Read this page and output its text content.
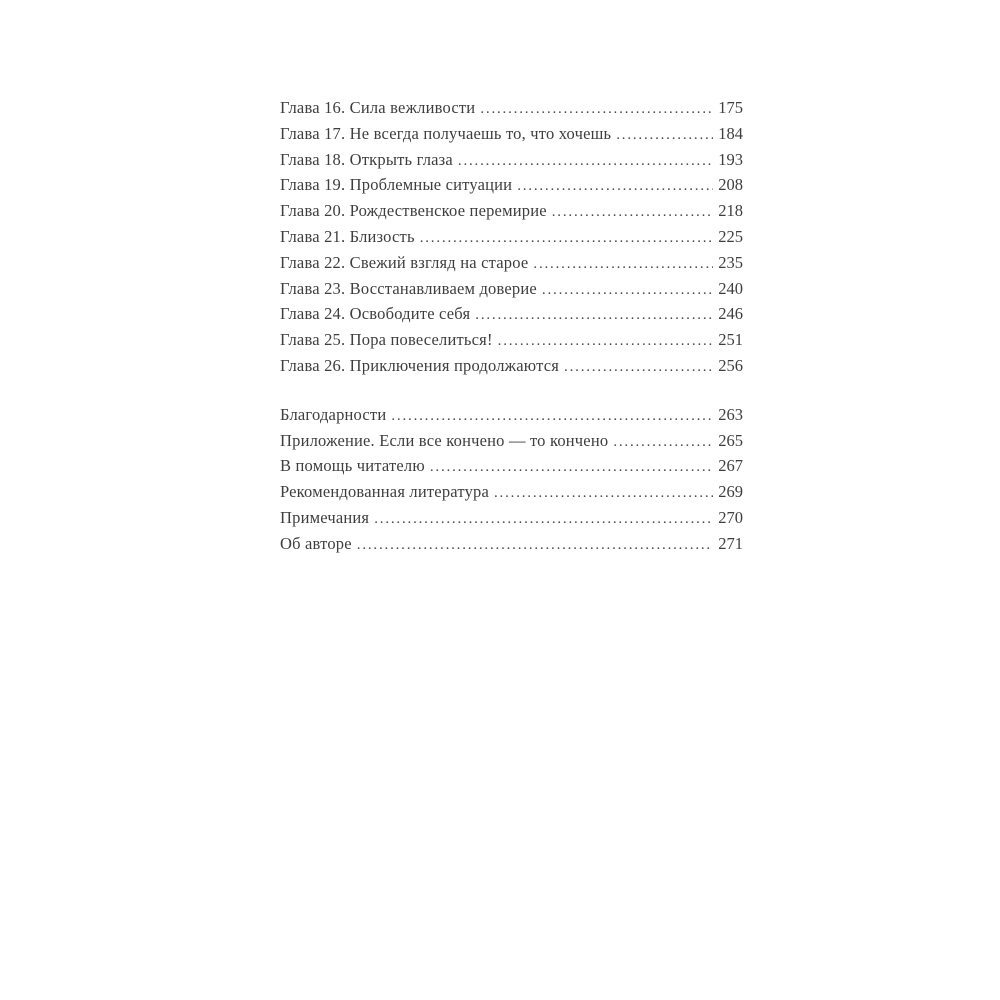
Глава 16. Сила вежливости .....	175
Глава 17. Не всегда получаешь то, что хочешь .....	184
Глава 18. Открыть глаза .....	193
Глава 19. Проблемные ситуации .....	208
Глава 20. Рождественское перемирие .....	218
Глава 21. Близость .....	225
Глава 22. Свежий взгляд на старое .....	235
Глава 23. Восстанавливаем доверие .....	240
Глава 24. Освободите себя .....	246
Глава 25. Пора повеселиться! .....	251
Глава 26. Приключения продолжаются .....	256
Благодарности .....	263
Приложение. Если все кончено — то кончено .....	265
В помощь читателю .....	267
Рекомендованная литература .....	269
Примечания .....	270
Об авторе .....	271
